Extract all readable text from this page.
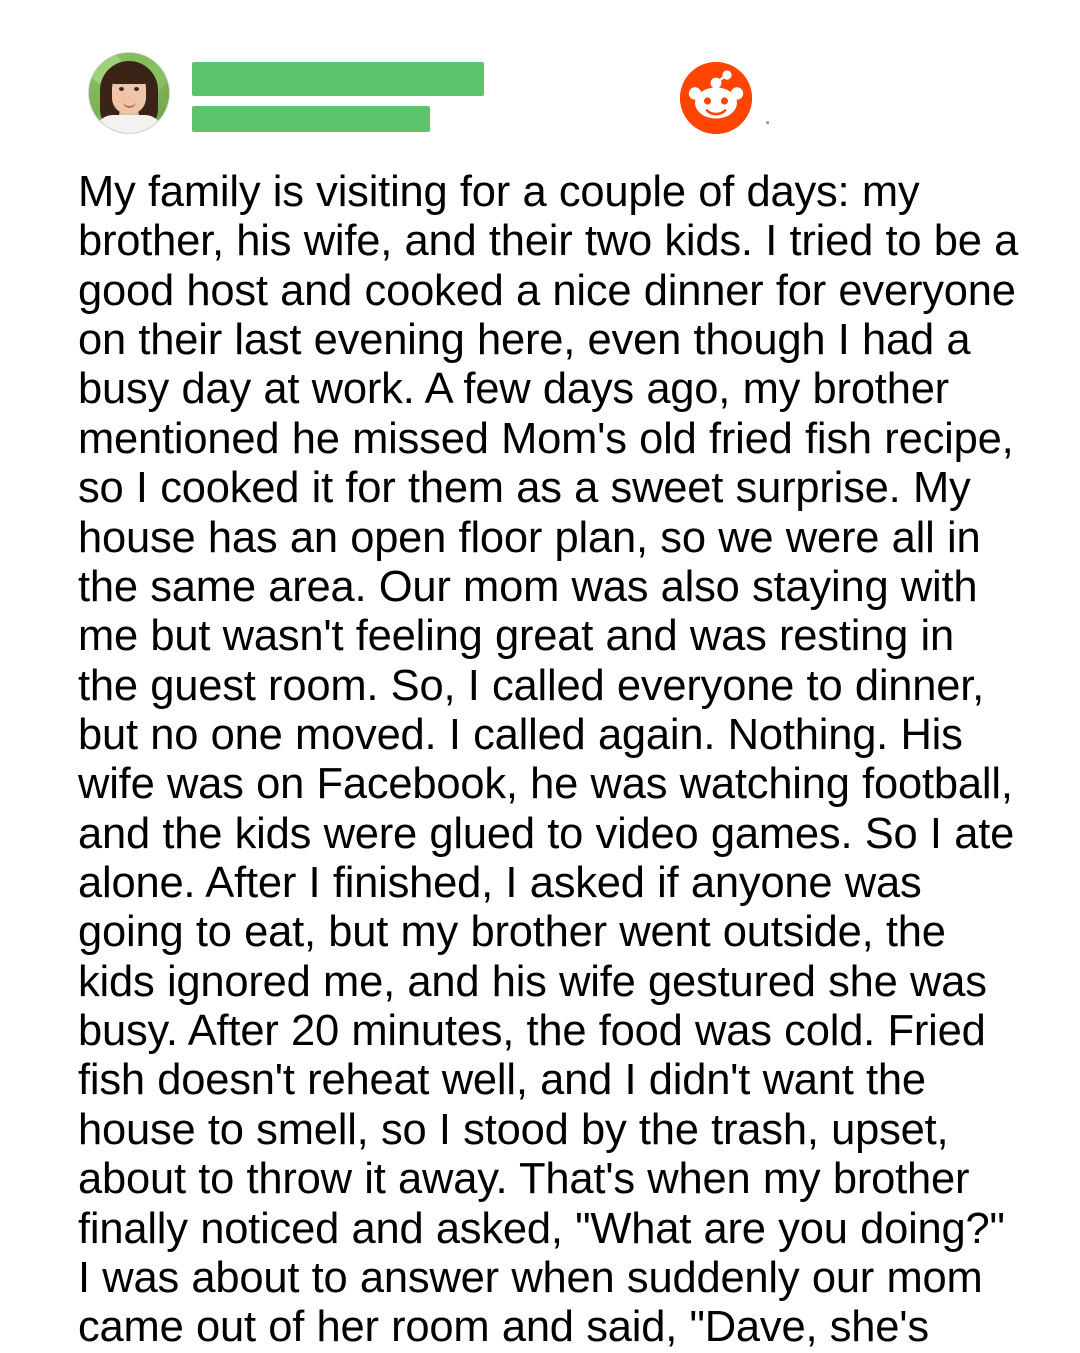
.
My family is visiting for a couple of days: my brother, his wife, and their two kids. I tried to be a good host and cooked a nice dinner for everyone on their last evening here, even though I had a busy day at work. A few days ago, my brother mentioned he missed Mom's old fried fish recipe, so I cooked it for them as a sweet surprise. My house has an open floor plan, so we were all in the same area. Our mom was also staying with me but wasn't feeling great and was resting in the guest room. So, I called everyone to dinner, but no one moved. I called again. Nothing. His wife was on Facebook, he was watching football, and the kids were glued to video games. So I ate alone. After I finished, I asked if anyone was going to eat, but my brother went outside, the kids ignored me, and his wife gestured she was busy. After 20 minutes, the food was cold. Fried fish doesn't reheat well, and I didn't want the house to smell, so I stood by the trash, upset, about to throw it away. That's when my brother finally noticed and asked, "What are you doing?" I was about to answer when suddenly our mom came out of her room and said, "Dave, she's
